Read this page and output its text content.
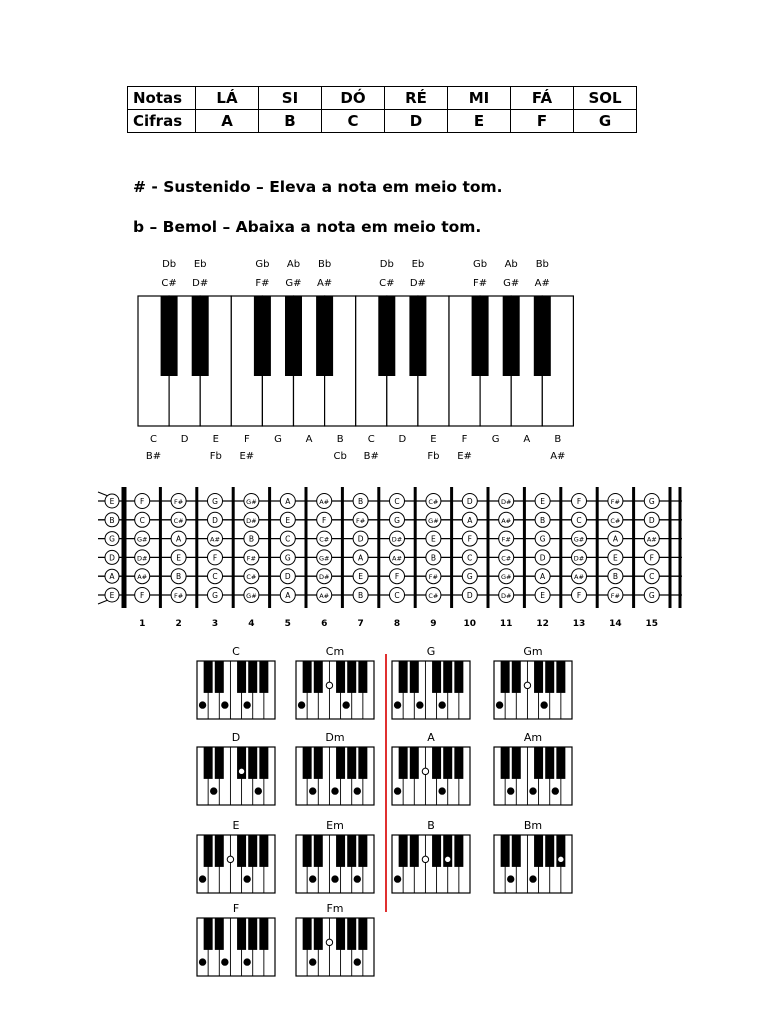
Notas	LÁ	SI	DÓ	RÉ	MI	FÁ	SOL
Cifras	A	B	C	D	E	F	G
# - Sustenido – Eleva a nota em meio tom.
b – Bemol – Abaixa a nota em meio tom.
Db
C#
Eb
D#
Gb
F#
Ab
G#
Bb
A#
Db
C#
Eb
D#
Gb
F#
Ab
G#
Bb
A#
C
B#
D E
Fb
F
E#
G A B
Cb
C
B#
D E
Fb
F
E#
G A B
A#
E
B
G
D
A
E
F	F#	G	G#	A	A#	B	C	C#	D	D#	E	F	F#	G
C	C#	D	D#	E	F	F#	G	G#	A	A#	B	C	C#	D
G#	A	A#	B	C	C#	D	D#	E	F	F#	G	G#	A	A#
D#	E	F	F#	G	G#	A	A#	B	C	C#	D	D#	E	F
A#	B	C	C#	D	D#	E	F	F#	G	G#	A	A#	B	C
F	F#	G	G#	A	A#	B	C	C#	D	D#	E	F	F#	G
1	2	3	4	5	6	7	8	9	10	11	12	13	14	15
C	Cm	G	Gm
D	Dm	A	Am
E	Em	B	Bm
F	Fm
